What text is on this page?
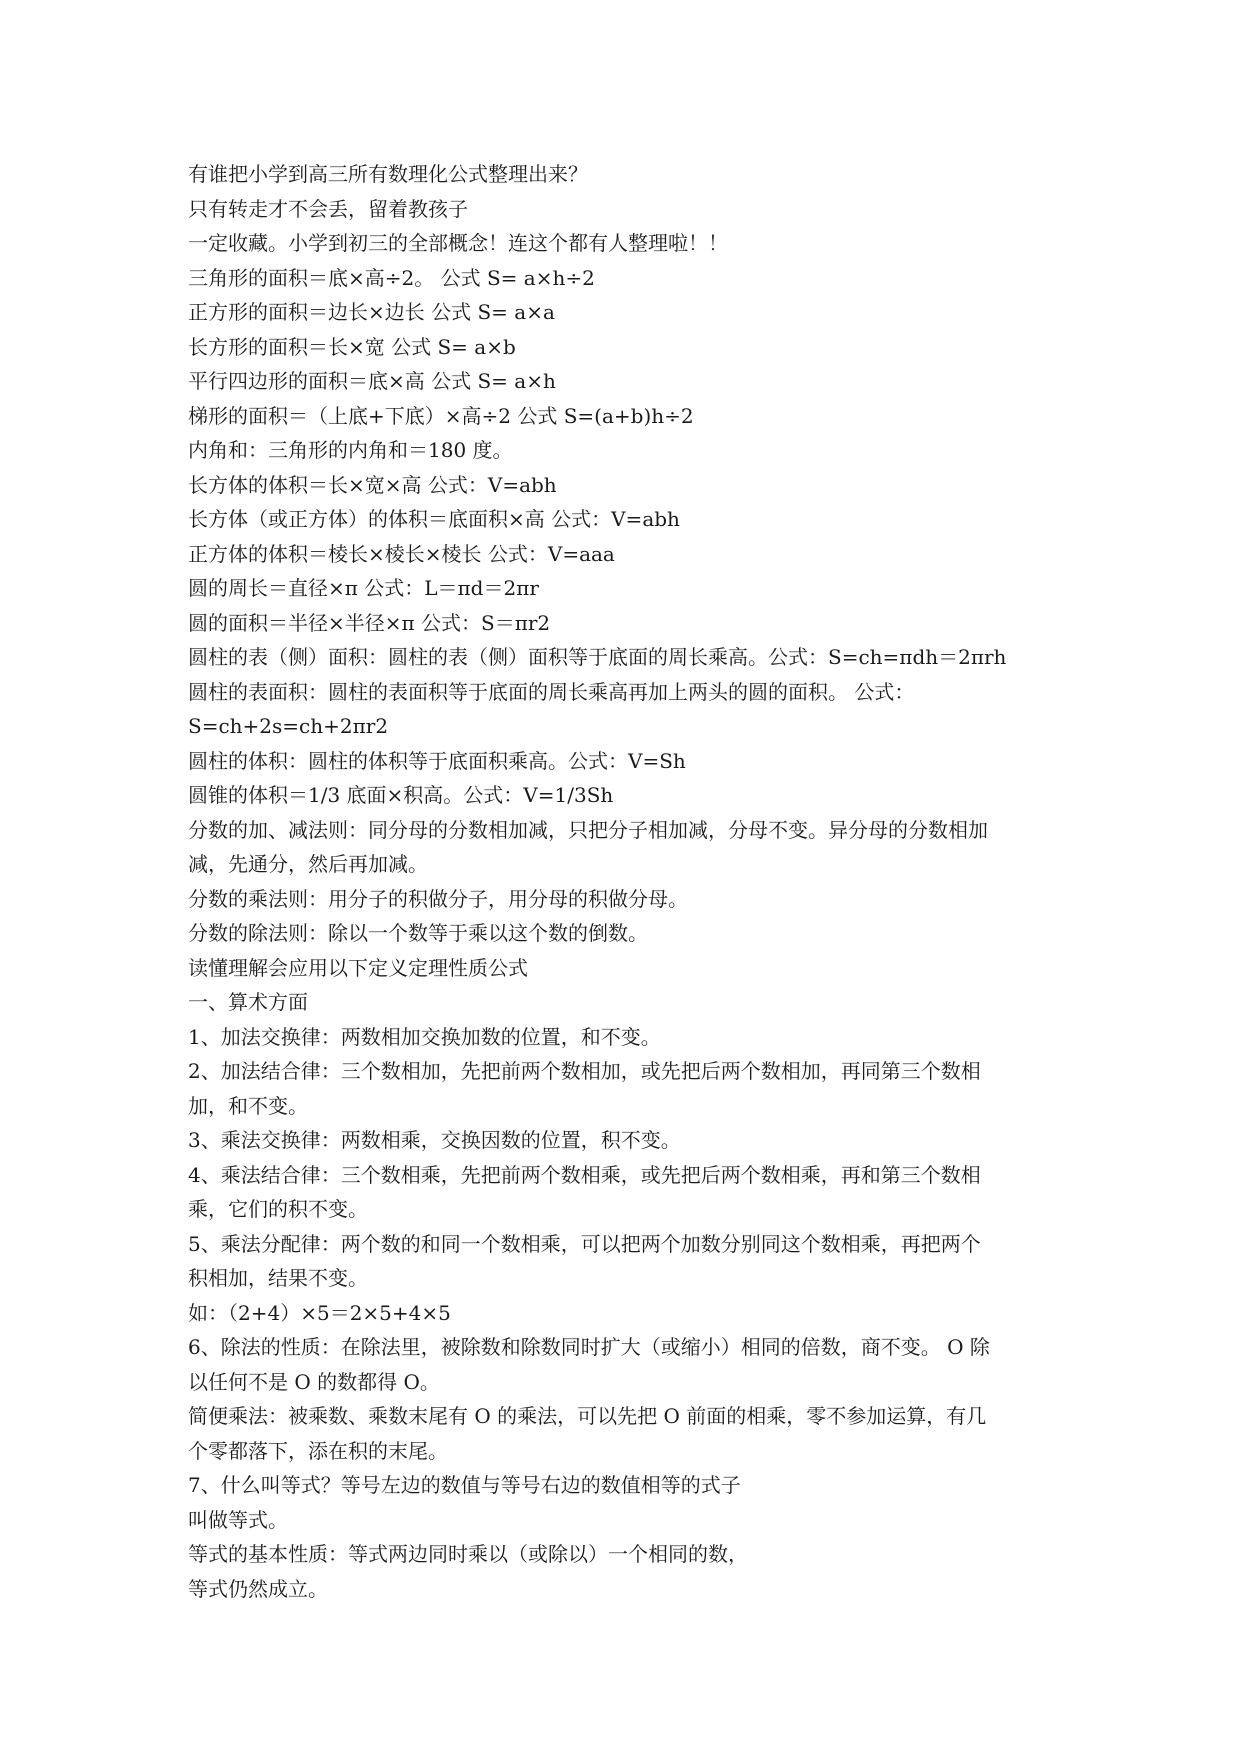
有谁把小学到高三所有数理化公式整理出来？
只有转走才不会丢，留着教孩子
一定收藏。小学到初三的全部概念！连这个都有人整理啦！！
三角形的面积＝底×高÷2。 公式 S= a×h÷2
正方形的面积＝边长×边长 公式 S= a×a
长方形的面积＝长×宽 公式 S= a×b
平行四边形的面积＝底×高 公式 S= a×h
梯形的面积＝（上底+下底）×高÷2 公式 S=(a+b)h÷2
内角和：三角形的内角和＝180 度。
长方体的体积＝长×宽×高 公式：V=abh
长方体（或正方体）的体积＝底面积×高 公式：V=abh
正方体的体积＝棱长×棱长×棱长 公式：V=aaa
圆的周长＝直径×π 公式：L＝πd＝2πr
圆的面积＝半径×半径×π 公式：S＝πr2
圆柱的表（侧）面积：圆柱的表（侧）面积等于底面的周长乘高。公式：S=ch=πdh＝2πrh
圆柱的表面积：圆柱的表面积等于底面的周长乘高再加上两头的圆的面积。 公式：
S=ch+2s=ch+2πr2
圆柱的体积：圆柱的体积等于底面积乘高。公式：V=Sh
圆锥的体积＝1/3 底面×积高。公式：V=1/3Sh
分数的加、减法则：同分母的分数相加减，只把分子相加减，分母不变。异分母的分数相加
减，先通分，然后再加减。
分数的乘法则：用分子的积做分子，用分母的积做分母。
分数的除法则：除以一个数等于乘以这个数的倒数。
读懂理解会应用以下定义定理性质公式
一、算术方面
1、加法交换律：两数相加交换加数的位置，和不变。
2、加法结合律：三个数相加，先把前两个数相加，或先把后两个数相加，再同第三个数相
加，和不变。
3、乘法交换律：两数相乘，交换因数的位置，积不变。
4、乘法结合律：三个数相乘，先把前两个数相乘，或先把后两个数相乘，再和第三个数相
乘，它们的积不变。
5、乘法分配律：两个数的和同一个数相乘，可以把两个加数分别同这个数相乘，再把两个
积相加，结果不变。
如：（2+4）×5＝2×5+4×5
6、除法的性质：在除法里，被除数和除数同时扩大（或缩小）相同的倍数，商不变。 O 除
以任何不是 O 的数都得 O。
简便乘法：被乘数、乘数末尾有 O 的乘法，可以先把 O 前面的相乘，零不参加运算，有几
个零都落下，添在积的末尾。
7、什么叫等式？等号左边的数值与等号右边的数值相等的式子
叫做等式。
等式的基本性质：等式两边同时乘以（或除以）一个相同的数，
等式仍然成立。
